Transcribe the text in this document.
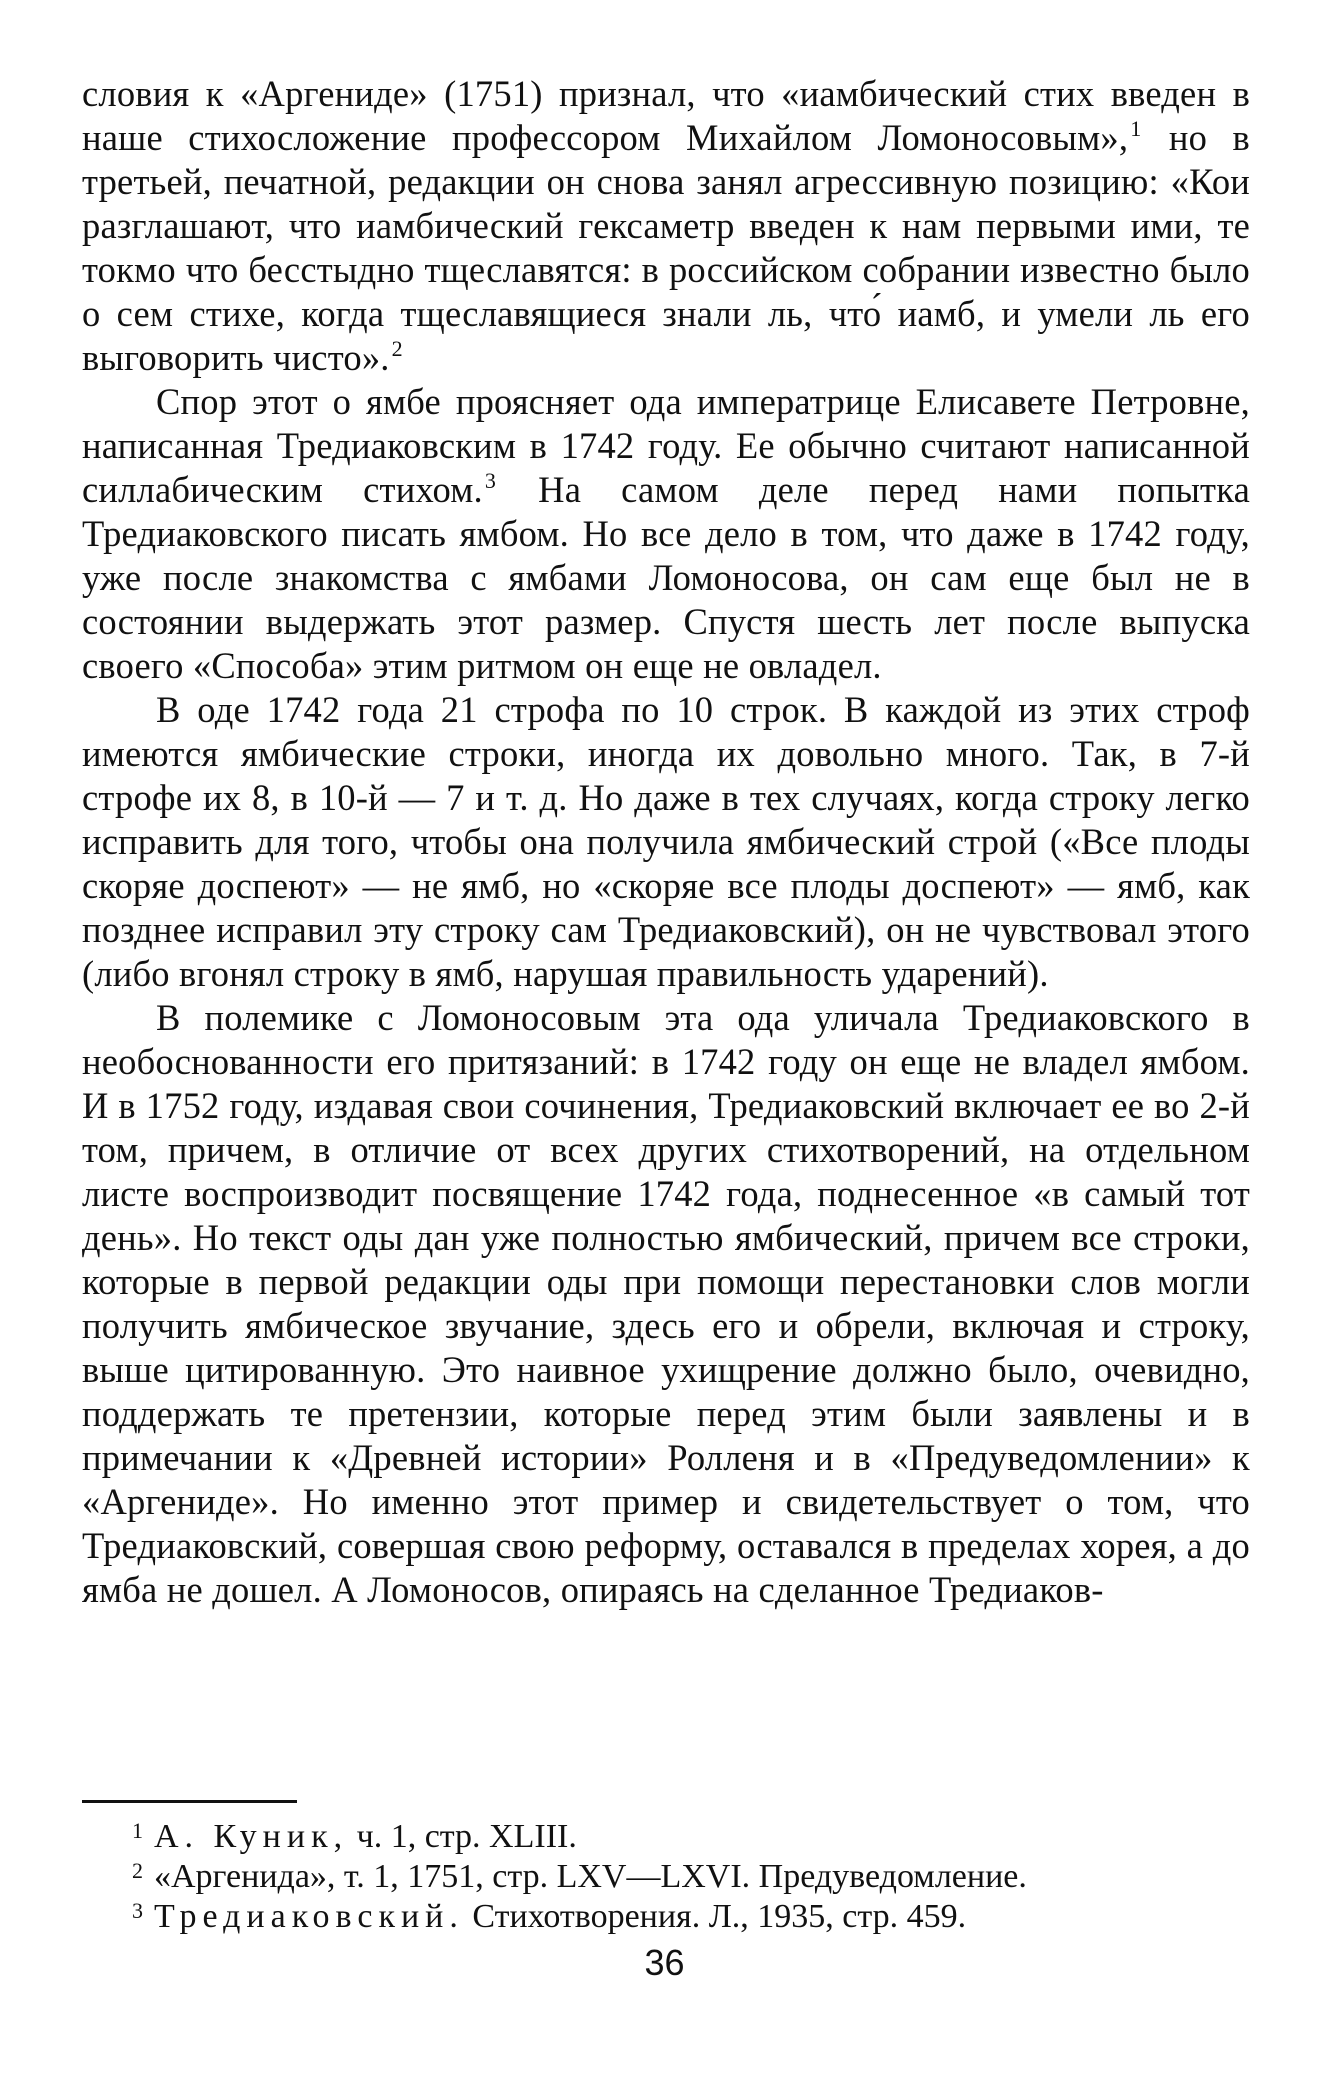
словия к «Аргениде» (1751) признал, что «иамбический стих введен в наше стихосложение профессором Михайлом Ломоносовым»,$^1$ но в третьей, печатной, редакции он снова занял агрессивную позицию: «Кои разглашают, что иамбический гексаметр введен к нам первыми ими, те токмо что бесстыдно тщеславятся: в российском собрании известно было о сем стихе, когда тщеславящиеся знали ль, что́ иамб, и умели ль его выговорить чисто».$^2$

Спор этот о ямбе проясняет ода императрице Елисавете Петровне, написанная Тредиаковским в 1742 году. Ее обычно считают написанной силлабическим стихом.$^3$ На самом деле перед нами попытка Тредиаковского писать ямбом. Но все дело в том, что даже в 1742 году, уже после знакомства с ямбами Ломоносова, он сам еще был не в состоянии выдержать этот размер. Спустя шесть лет после выпуска своего «Способа» этим ритмом он еще не овладел.

В оде 1742 года 21 строфа по 10 строк. В каждой из этих строф имеются ямбические строки, иногда их довольно много. Так, в 7-й строфе их 8, в 10-й — 7 и т. д. Но даже в тех случаях, когда строку легко исправить для того, чтобы она получила ямбический строй («Все плоды скоряе доспеют» — не ямб, но «скоряе все плоды доспеют» — ямб, как позднее исправил эту строку сам Тредиаковский), он не чувствовал этого (либо вгонял строку в ямб, нарушая правильность ударений).

В полемике с Ломоносовым эта ода уличала Тредиаковского в необоснованности его притязаний: в 1742 году он еще не владел ямбом. И в 1752 году, издавая свои сочинения, Тредиаковский включает ее во 2-й том, причем, в отличие от всех других стихотворений, на отдельном листе воспроизводит посвящение 1742 года, поднесенное «в самый тот день». Но текст оды дан уже полностью ямбический, причем все строки, которые в первой редакции оды при помощи перестановки слов могли получить ямбическое звучание, здесь его и обрели, включая и строку, выше цитированную. Это наивное ухищрение должно было, очевидно, поддержать те претензии, которые перед этим были заявлены и в примечании к «Древней истории» Ролленя и в «Предуведомлении» к «Аргениде». Но именно этот пример и свидетельствует о том, что Тредиаковский, совершая свою реформу, оставался в пределах хорея, а до ямба не дошел. А Ломоносов, опираясь на сделанное Тредиаков-

1 А. Куник, ч. 1, стр. XLIII.
2 «Аргенида», т. 1, 1751, стр. LXV—LXVI. Предуведомление.
3 Тредиаковский. Стихотворения. Л., 1935, стр. 459.
36
